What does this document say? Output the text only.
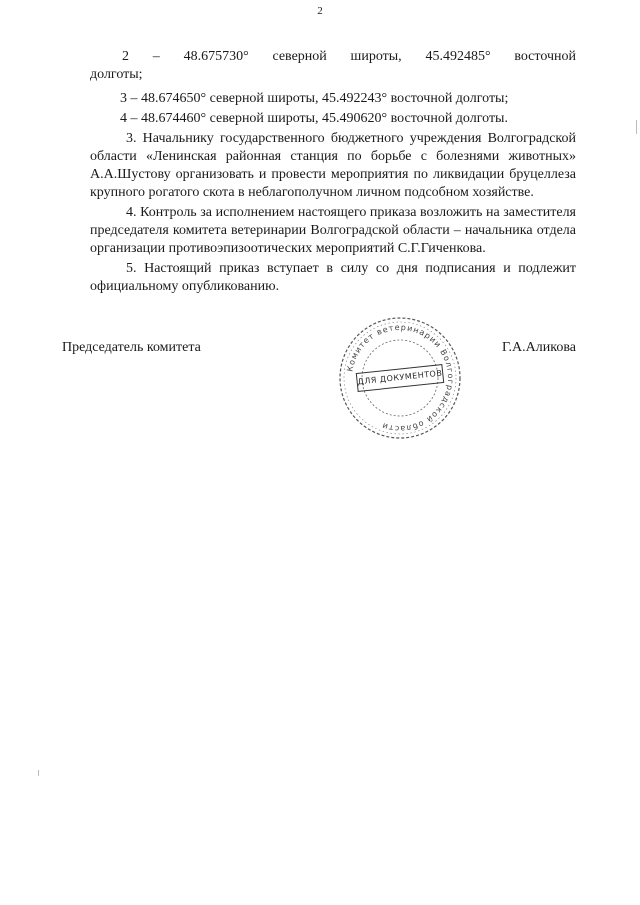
2

2 – 48.675730° северной широты, 45.492485° восточной

долготы;

3 – 48.674650° северной широты, 45.492243° восточной долготы;

4 – 48.674460° северной широты, 45.490620° восточной долготы.

3. Начальнику государственного бюджетного учреждения Волгоградской области «Ленинская районная станция по борьбе с болезнями животных» А.А.Шустову организовать и провести мероприятия по ликвидации бруцеллеза крупного рогатого скота в неблагополучном личном подсобном хозяйстве.

4. Контроль за исполнением настоящего приказа возложить на заместителя председателя комитета ветеринарии Волгоградской области – начальника отдела организации противоэпизоотических мероприятий С.Г.Гиченкова.

5. Настоящий приказ вступает в силу со дня подписания и подлежит официальному опубликованию.

Председатель комитета	Г.А.Аликова
Комитет ветеринарии Волгоградской области
ДЛЯ ДОКУМЕНТОВ
